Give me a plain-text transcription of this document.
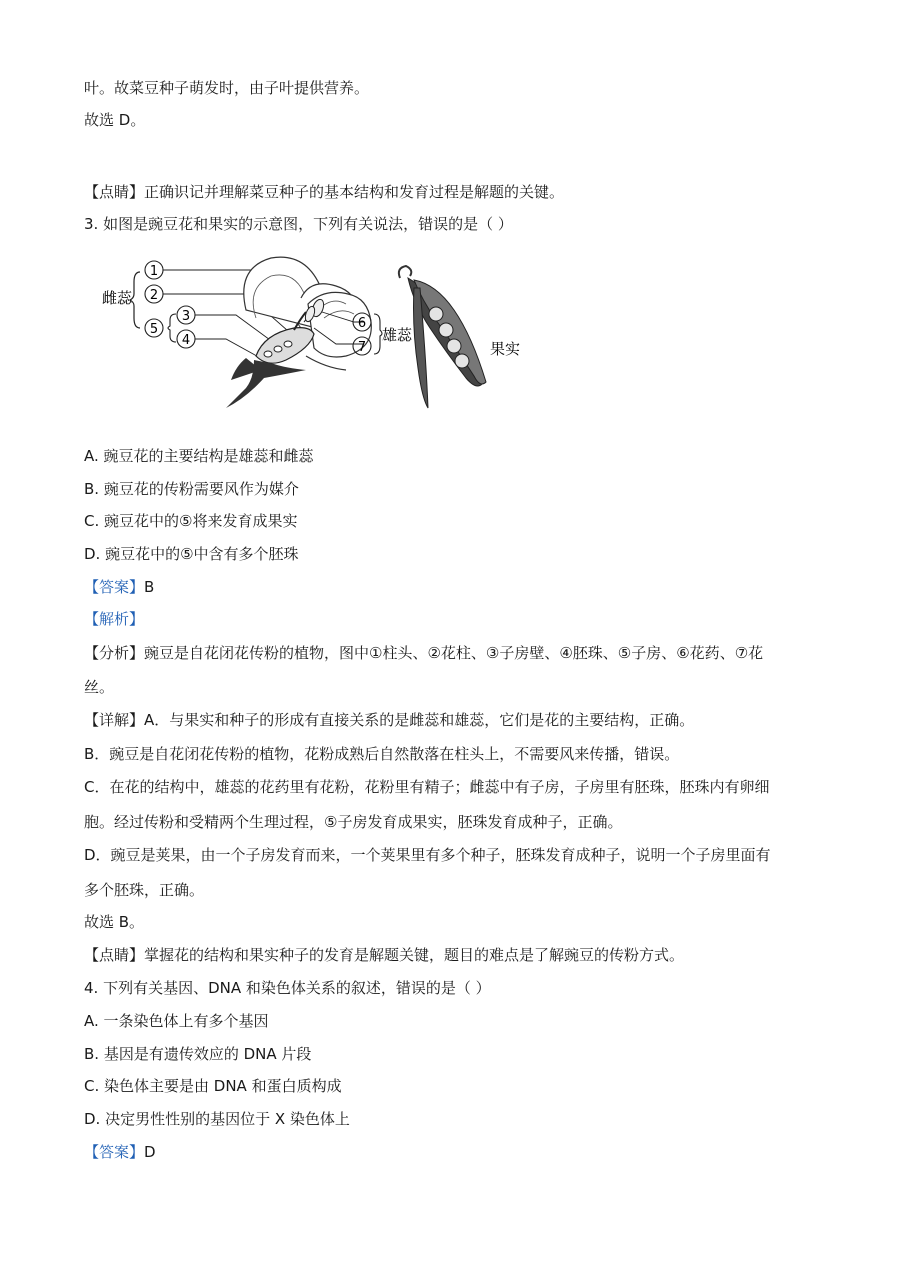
叶。故菜豆种子萌发时，由子叶提供营养。
故选 D。
【点睛】正确识记并理解菜豆种子的基本结构和发育过程是解题的关键。
3. 如图是豌豆花和果实的示意图，下列有关说法，错误的是（ ）
雌蕊
1
2
5
3
4
6
7
雄蕊
果实
A. 豌豆花的主要结构是雄蕊和雌蕊
B. 豌豆花的传粉需要风作为媒介
C. 豌豆花中的⑤将来发育成果实
D. 豌豆花中的⑤中含有多个胚珠
【答案】B
【解析】
【分析】豌豆是自花闭花传粉的植物，图中①柱头、②花柱、③子房壁、④胚珠、⑤子房、⑥花药、⑦花
丝。
【详解】A．与果实和种子的形成有直接关系的是雌蕊和雄蕊，它们是花的主要结构，正确。
B．豌豆是自花闭花传粉的植物，花粉成熟后自然散落在柱头上，不需要风来传播，错误。
C．在花的结构中，雄蕊的花药里有花粉，花粉里有精子；雌蕊中有子房，子房里有胚珠，胚珠内有卵细
胞。经过传粉和受精两个生理过程，⑤子房发育成果实，胚珠发育成种子，正确。
D．豌豆是荚果，由一个子房发育而来，一个荚果里有多个种子，胚珠发育成种子，说明一个子房里面有
多个胚珠，正确。
故选 B。
【点睛】掌握花的结构和果实种子的发育是解题关键，题目的难点是了解豌豆的传粉方式。
4. 下列有关基因、DNA 和染色体关系的叙述，错误的是（ ）
A. 一条染色体上有多个基因
B. 基因是有遗传效应的 DNA 片段
C. 染色体主要是由 DNA 和蛋白质构成
D. 决定男性性别的基因位于 X 染色体上
【答案】D
